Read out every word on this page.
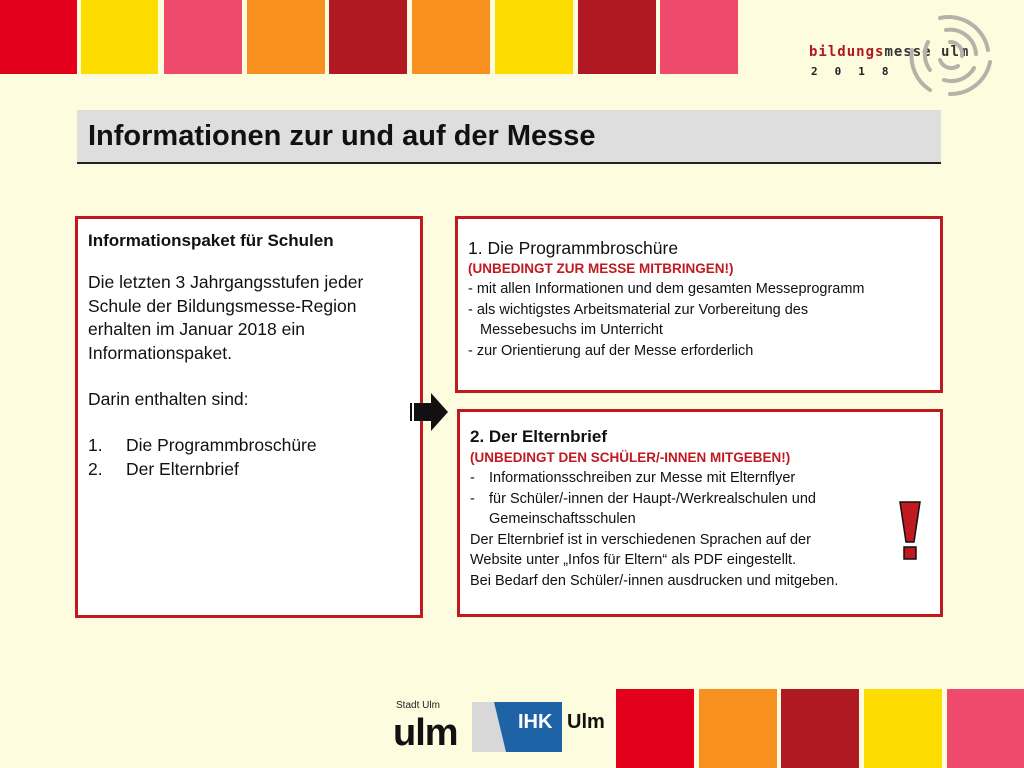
bildungsmesse ulm
2018
Informationen zur und auf der Messe
Informationspaket für Schulen
Die letzten 3 Jahrgangsstufen jeder
Schule der Bildungsmesse-Region
erhalten im Januar 2018 ein
Informationspaket.
Darin enthalten sind:
1.	Die Programmbroschüre
2.	Der Elternbrief
1. Die Programmbroschüre
(UNBEDINGT ZUR MESSE MITBRINGEN!)
- mit allen Informationen und dem gesamten Messeprogramm
- als wichtigstes Arbeitsmaterial zur Vorbereitung des
Messebesuchs im Unterricht
- zur Orientierung auf der Messe erforderlich
2. Der Elternbrief
(UNBEDINGT DEN SCHÜLER/-INNEN MITGEBEN!)
- Informationsschreiben zur Messe mit Elternflyer
- für Schüler/-innen der Haupt-/Werkrealschulen und
Gemeinschaftsschulen
Der Elternbrief ist in verschiedenen Sprachen auf der
Website unter „Infos für Eltern“ als PDF eingestellt.
Bei Bedarf den Schüler/-innen ausdrucken und mitgeben.
Stadt Ulm
ulm	IHK Ulm
